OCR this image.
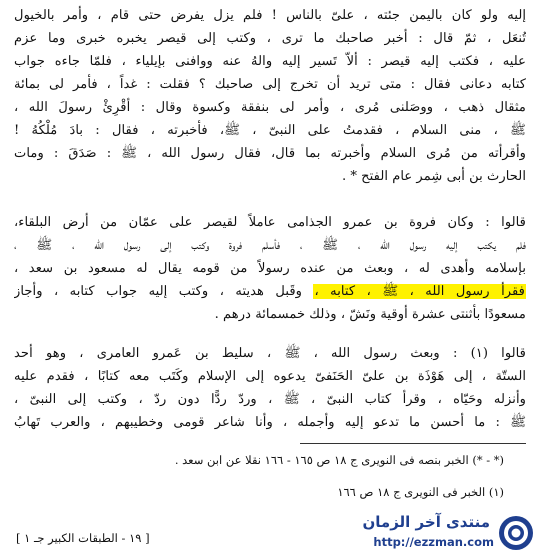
إليه ولو كان باليمن جئته ، علىّ بالناس ! فلم يزل يفرض حتى قام ، وأمر بالخيول
تُنعَل ، ثمّ قال : أخبر صاحبك ما ترى ، وكتب إلى قيصر يخبره خبرى وما عزم
عليه ، فكتب إليه قيصر : ألاّ تَسير إليه والهُ عنه ووافنى بإيلياء ، فلمّا جاءه جواب
كتابه دعانى فقال : متى تريد أن تخرج إلى صاحبك ؟ فقلت : غداً ، فأمر لى بمائة
مثقال ذهب ، ووصَلنى مُرى ، وأمر لى بنفقة وكسوة وقال : أقْرِئْ رسولَ الله ،
ﷺ ، منى السلام ، فقدمتُ على النبىّ ، ﷺ، فأخبرته ، فقال : بادَ مُلْكُهُ !
وأقرأته من مُرى السلام وأخبرته بما قال، فقال رسول الله ، ﷺ : صَدَقَ : ومات
الحارث بن أبى شِمر عام الفتح * .
قالوا : وكان فروة بن عمرو الجذامى عاملاً لقيصر على عمّان من أرض البلقاء،
فلم يكتب إليه رسول الله ، ﷺ ، فأسلم فروة وكتب إلى رسول الله ، ﷺ ،
بإسلامه وأهدى له ، وبعث من عنده رسولاً من قومه يقال له مسعود بن سعد ،
فقرأ رسول الله ، ﷺ ، كتابه ، وقَبل هديته ، وكتب إليه جواب كتابه ، وأجاز
مسعودًا بأثنتى عشرة أوقية ونَشّ ، وذلك خمسمائة درهم .
قالوا (١) : وبعث رسول الله ، ﷺ ، سليط بن عَمرو العامرى ، وهو أحد
الستّة ، إلى هَوْذَة بن علىّ الحَنَفىّ يدعوه إلى الإسلام وكَتَب معه كتابًا ، فقدم عليه
وأنزله وحَيّاه ، وقرأ كتاب النبىّ ، ﷺ ، وردّ ردًّا دون ردّ ، وكتب إلى النبىّ ،
ﷺ : ما أحسن ما تدعو إليه وأجمله ، وأنا شاعر قومى وخطيبهم ، والعرب تَهابُ
(* - *) الخبر بنصه فى النويرى ج ١٨ ص ١٦٥ - ١٦٦ نقلا عن ابن سعد .
(١) الخبر فى النويرى ج ١٨ ص ١٦٦
[ ١٩ - الطبقات الكبير جـ ١ ]
منتدى آخر الزمان
http://ezzman.com
